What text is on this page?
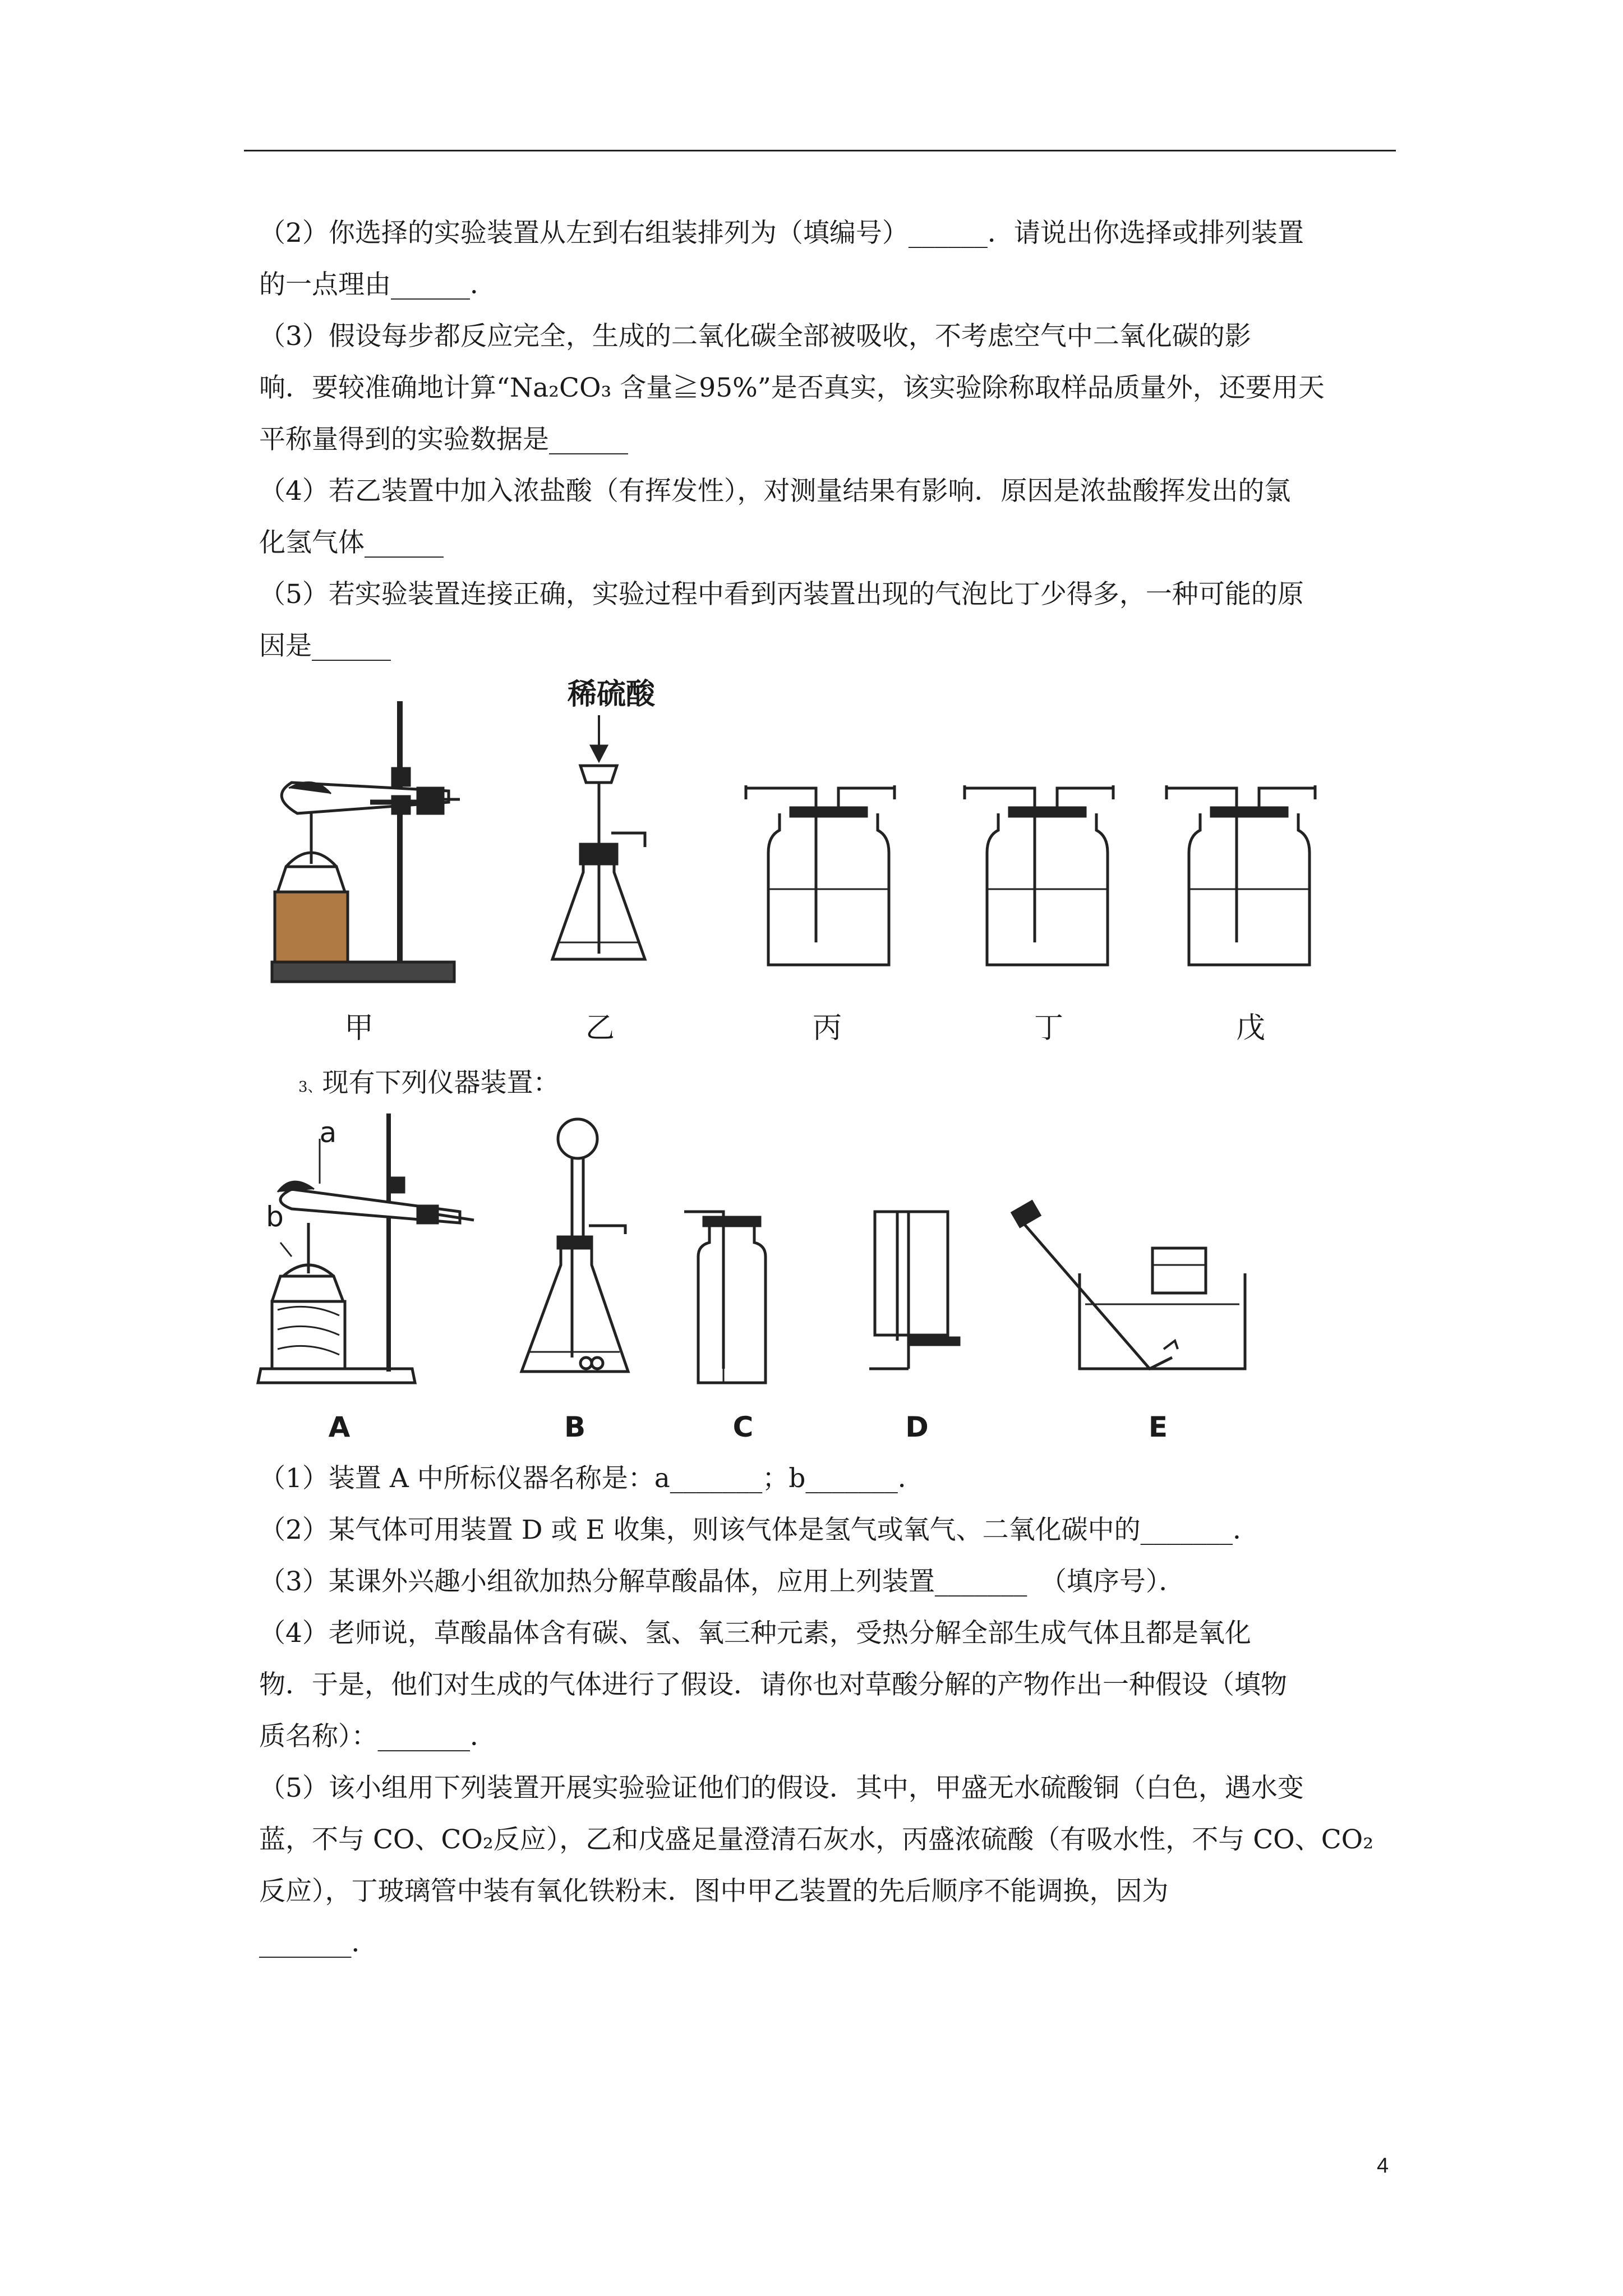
（2）你选择的实验装置从左到右组装排列为（填编号）______．请说出你选择或排列装置
的一点理由______．
（3）假设每步都反应完全，生成的二氧化碳全部被吸收，不考虑空气中二氧化碳的影
响．要较准确地计算“Na₂CO₃ 含量≧95%”是否真实，该实验除称取样品质量外，还要用天
平称量得到的实验数据是______
（4）若乙装置中加入浓盐酸（有挥发性），对测量结果有影响．原因是浓盐酸挥发出的氯
化氢气体______
（5）若实验装置连接正确，实验过程中看到丙装置出现的气泡比丁少得多，一种可能的原
因是______
稀硫酸
甲	乙	丙	丁	戊
3、现有下列仪器装置：
a
b
A	B	C	D	E
（1）装置 A 中所标仪器名称是：a_______；b_______．
（2）某气体可用装置 D 或 E 收集，则该气体是氢气或氧气、二氧化碳中的_______．
（3）某课外兴趣小组欲加热分解草酸晶体，应用上列装置_______　（填序号）．
（4）老师说，草酸晶体含有碳、氢、氧三种元素，受热分解全部生成气体且都是氧化
物．于是，他们对生成的气体进行了假设．请你也对草酸分解的产物作出一种假设（填物
质名称）：_______．
（5）该小组用下列装置开展实验验证他们的假设．其中，甲盛无水硫酸铜（白色，遇水变
蓝，不与 CO、CO₂反应），乙和戊盛足量澄清石灰水，丙盛浓硫酸（有吸水性，不与 CO、CO₂
反应），丁玻璃管中装有氧化铁粉末．图中甲乙装置的先后顺序不能调换，因为
_______．
4
